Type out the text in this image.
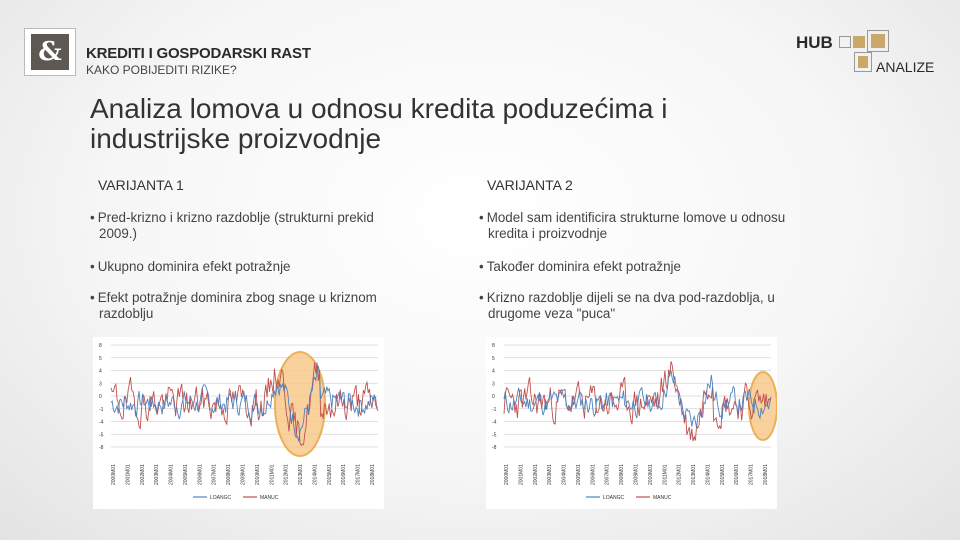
&	KREDITI I GOSPODARSKI RAST
KAKO POBIJEDITI RIZIKE?
HUB
ANALIZE
Analiza lomova u odnosu kredita poduzećima i
industrijske proizvodnje
VARIJANTA 1
• Pred-krizno i krizno razdoblje (strukturni prekid
2009.)
• Ukupno dominira efekt potražnje
• Efekt potražnje dominira zbog snage u kriznom
razdoblju
VARIJANTA 2
• Model sam identificira strukturne lomove u odnosu
kredita i proizvodnje
• Također dominira efekt potražnje
• Krizno razdoblje dijeli se na dva pod-razdoblja, u
drugome veza "puca"
8
5
4
3
0
-1
-4
-5
-8
2000M01 2001M01 2002M01 2003M01 2004M01 2005M01 2006M01 2007M01 2008M01 2009M01 2010M01 2011M01 2012M01 2013M01 2014M01 2015M01 2016M01 2017M01 2018M01
LOANGC	MANUC
8
5
4
3
0
-1
-4
-5
-8
2000M01 2001M01 2002M01 2003M01 2004M01 2005M01 2006M01 2007M01 2008M01 2009M01 2010M01 2011M01 2012M01 2013M01 2014M01 2015M01 2016M01 2017M01 2018M01
LOANGC	MANUC
